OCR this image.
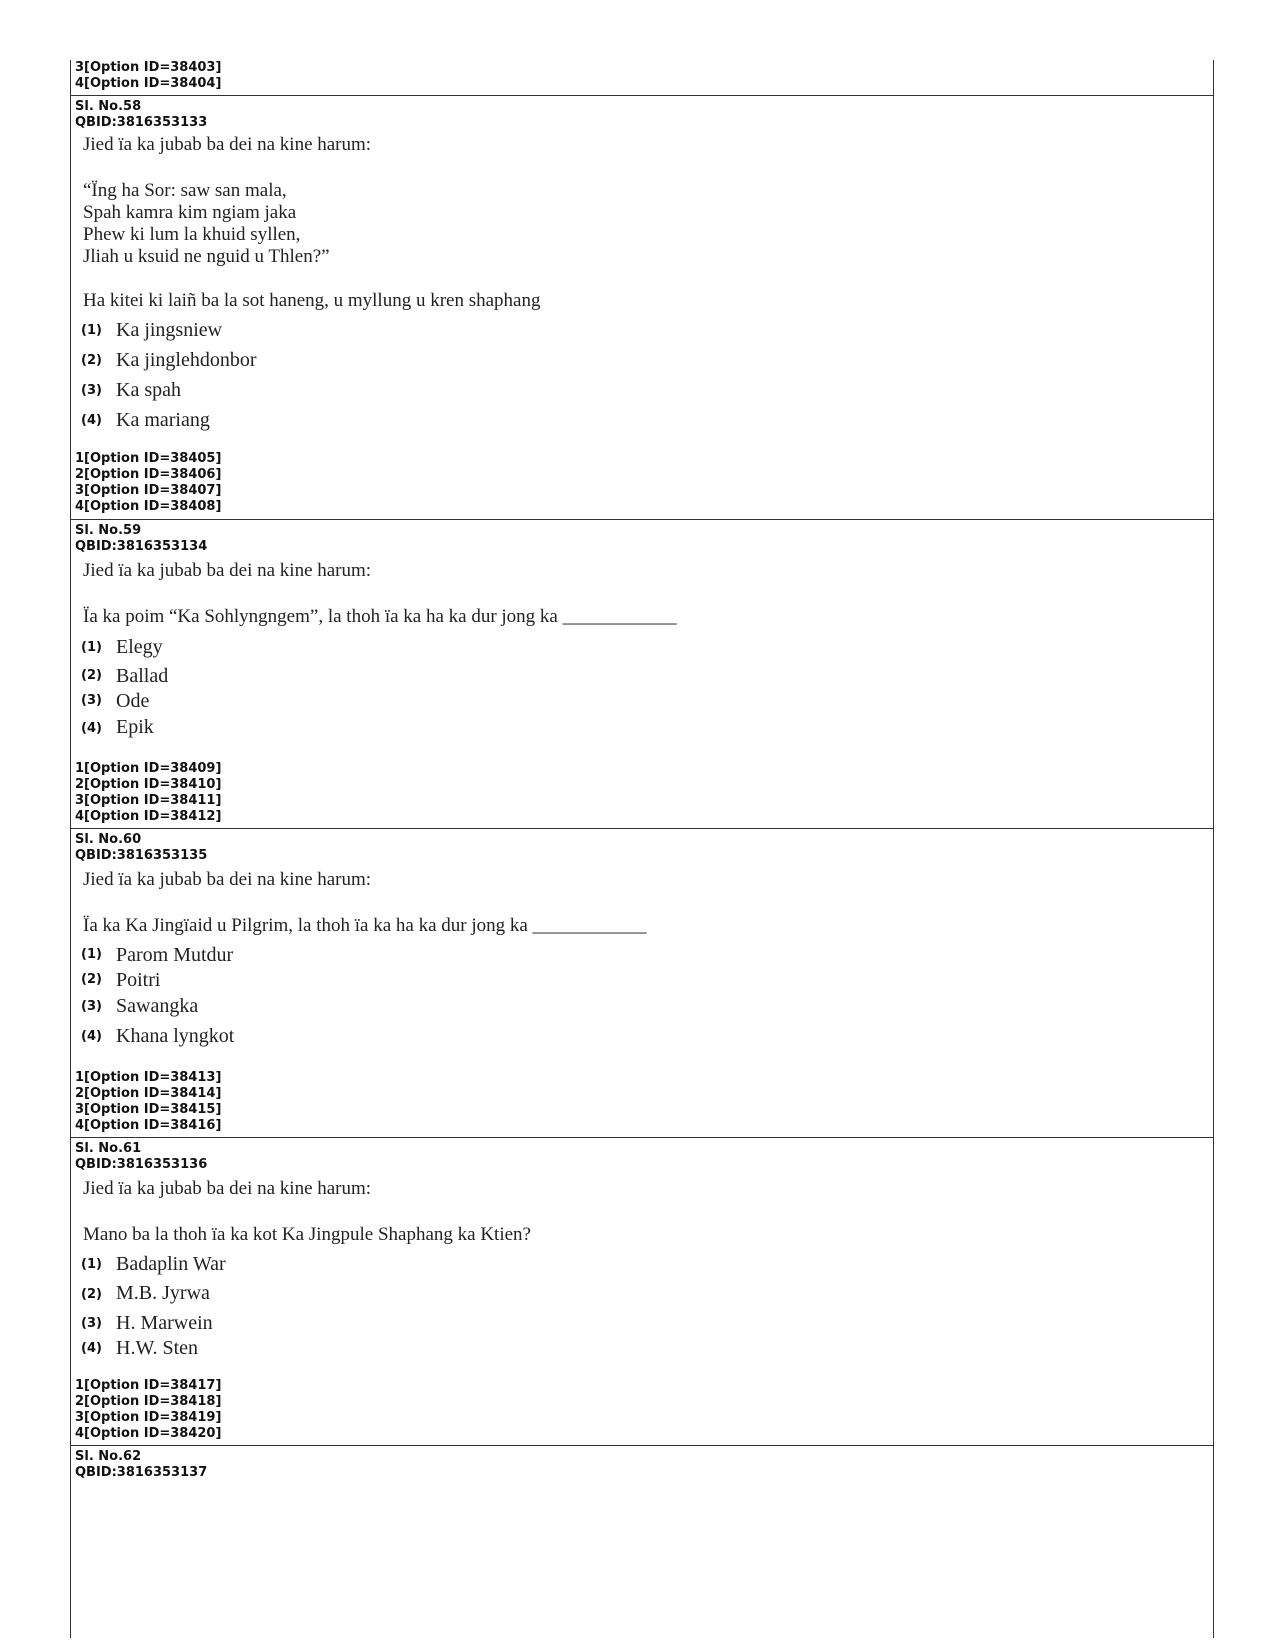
3[Option ID=38403]
4[Option ID=38404]
Sl. No.58
QBID:3816353133
Jied ïa ka jubab ba dei na kine harum:
“Ïng ha Sor: saw san mala,
Spah kamra kim ngiam jaka
Phew ki lum la khuid syllen,
Jliah u ksuid ne nguid u Thlen?”
Ha kitei ki laiñ ba la sot haneng, u myllung u kren shaphang
(1) Ka jingsniew
(2) Ka jinglehdonbor
(3) Ka spah
(4) Ka mariang
1[Option ID=38405]
2[Option ID=38406]
3[Option ID=38407]
4[Option ID=38408]
Sl. No.59
QBID:3816353134
Jied ïa ka jubab ba dei na kine harum:
Ïa ka poim “Ka Sohlyngngem”, la thoh ïa ka ha ka dur jong ka ____________
(1) Elegy
(2) Ballad
(3) Ode
(4) Epik
1[Option ID=38409]
2[Option ID=38410]
3[Option ID=38411]
4[Option ID=38412]
Sl. No.60
QBID:3816353135
Jied ïa ka jubab ba dei na kine harum:
Ïa ka Ka Jingïaid u Pilgrim, la thoh ïa ka ha ka dur jong ka ____________
(1) Parom Mutdur
(2) Poitri
(3) Sawangka
(4) Khana lyngkot
1[Option ID=38413]
2[Option ID=38414]
3[Option ID=38415]
4[Option ID=38416]
Sl. No.61
QBID:3816353136
Jied ïa ka jubab ba dei na kine harum:
Mano ba la thoh ïa ka kot Ka Jingpule Shaphang ka Ktien?
(1) Badaplin War
(2) M.B. Jyrwa
(3) H. Marwein
(4) H.W. Sten
1[Option ID=38417]
2[Option ID=38418]
3[Option ID=38419]
4[Option ID=38420]
Sl. No.62
QBID:3816353137
